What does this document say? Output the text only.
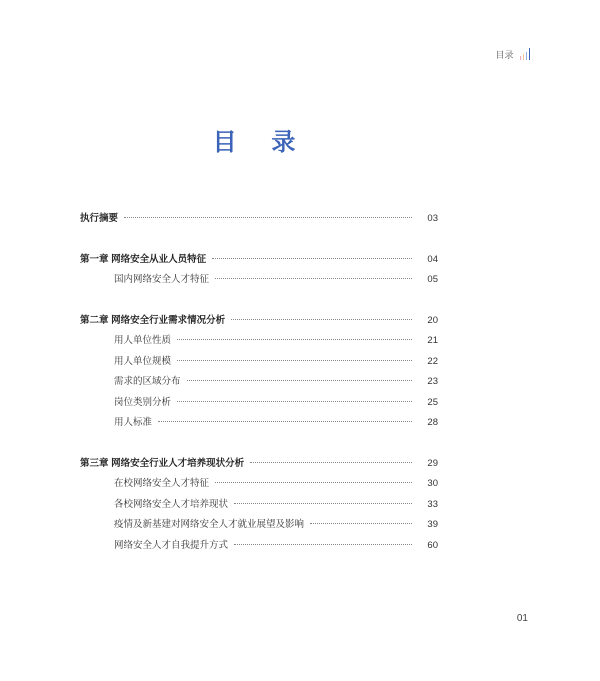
目录
目 录
执行摘要	03
第一章 网络安全从业人员特征	04
国内网络安全人才特征	05
第二章 网络安全行业需求情况分析	20
用人单位性质	21
用人单位规模	22
需求的区域分布	23
岗位类别分析	25
用人标准	28
第三章 网络安全行业人才培养现状分析	29
在校网络安全人才特征	30
各校网络安全人才培养现状	33
疫情及新基建对网络安全人才就业展望及影响	39
网络安全人才自我提升方式	60
01
